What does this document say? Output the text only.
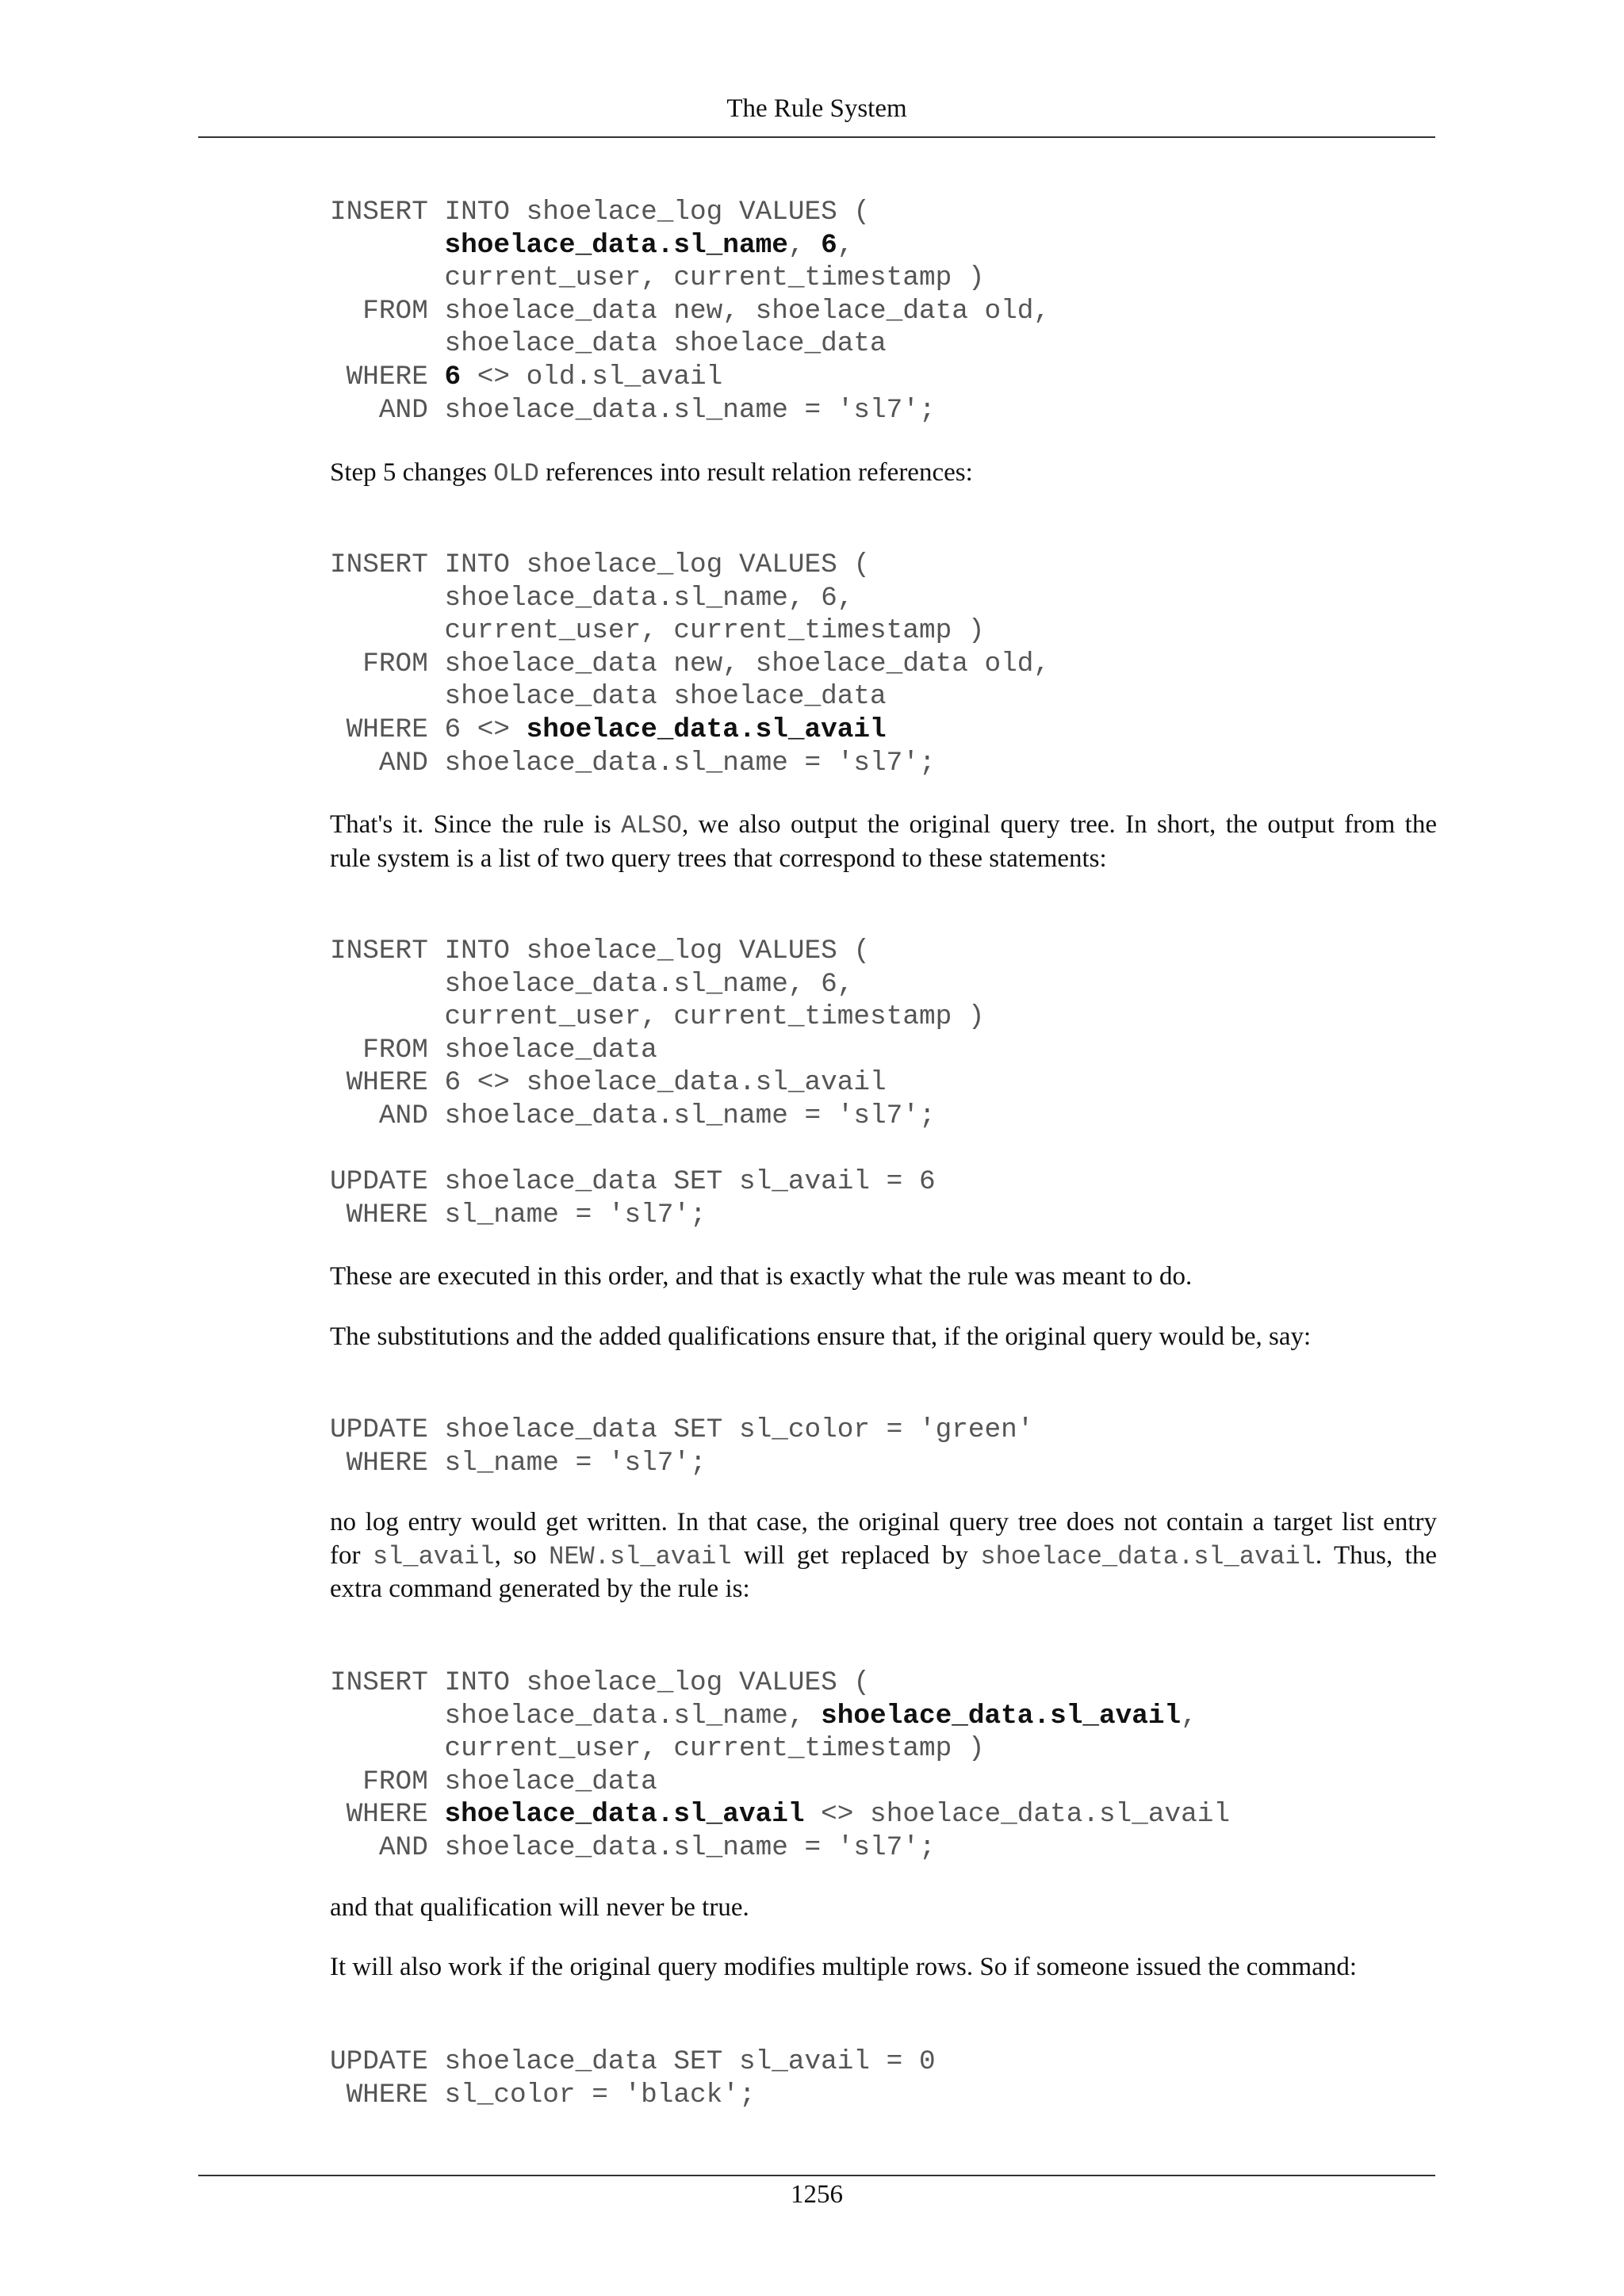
The Rule System
INSERT INTO shoelace_log VALUES (
shoelace_data.sl_name, 6,
current_user, current_timestamp )
FROM shoelace_data new, shoelace_data old,
shoelace_data shoelace_data
WHERE 6 <> old.sl_avail
AND shoelace_data.sl_name = 'sl7';

Step 5 changes OLD references into result relation references:

INSERT INTO shoelace_log VALUES (
shoelace_data.sl_name, 6,
current_user, current_timestamp )
FROM shoelace_data new, shoelace_data old,
shoelace_data shoelace_data
WHERE 6 <> shoelace_data.sl_avail
AND shoelace_data.sl_name = 'sl7';

That's it. Since the rule is ALSO, we also output the original query tree. In short, the output from the
rule system is a list of two query trees that correspond to these statements:

INSERT INTO shoelace_log VALUES (
shoelace_data.sl_name, 6,
current_user, current_timestamp )
FROM shoelace_data
WHERE 6 <> shoelace_data.sl_avail
AND shoelace_data.sl_name = 'sl7';
UPDATE shoelace_data SET sl_avail = 6
WHERE sl_name = 'sl7';

These are executed in this order, and that is exactly what the rule was meant to do.

The substitutions and the added qualifications ensure that, if the original query would be, say:

UPDATE shoelace_data SET sl_color = 'green'
WHERE sl_name = 'sl7';

no log entry would get written. In that case, the original query tree does not contain a target list entry
for sl_avail, so NEW.sl_avail will get replaced by shoelace_data.sl_avail. Thus, the
extra command generated by the rule is:

INSERT INTO shoelace_log VALUES (
shoelace_data.sl_name, shoelace_data.sl_avail,
current_user, current_timestamp )
FROM shoelace_data
WHERE shoelace_data.sl_avail <> shoelace_data.sl_avail
AND shoelace_data.sl_name = 'sl7';

and that qualification will never be true.

It will also work if the original query modifies multiple rows. So if someone issued the command:

UPDATE shoelace_data SET sl_avail = 0
WHERE sl_color = 'black';
1256
